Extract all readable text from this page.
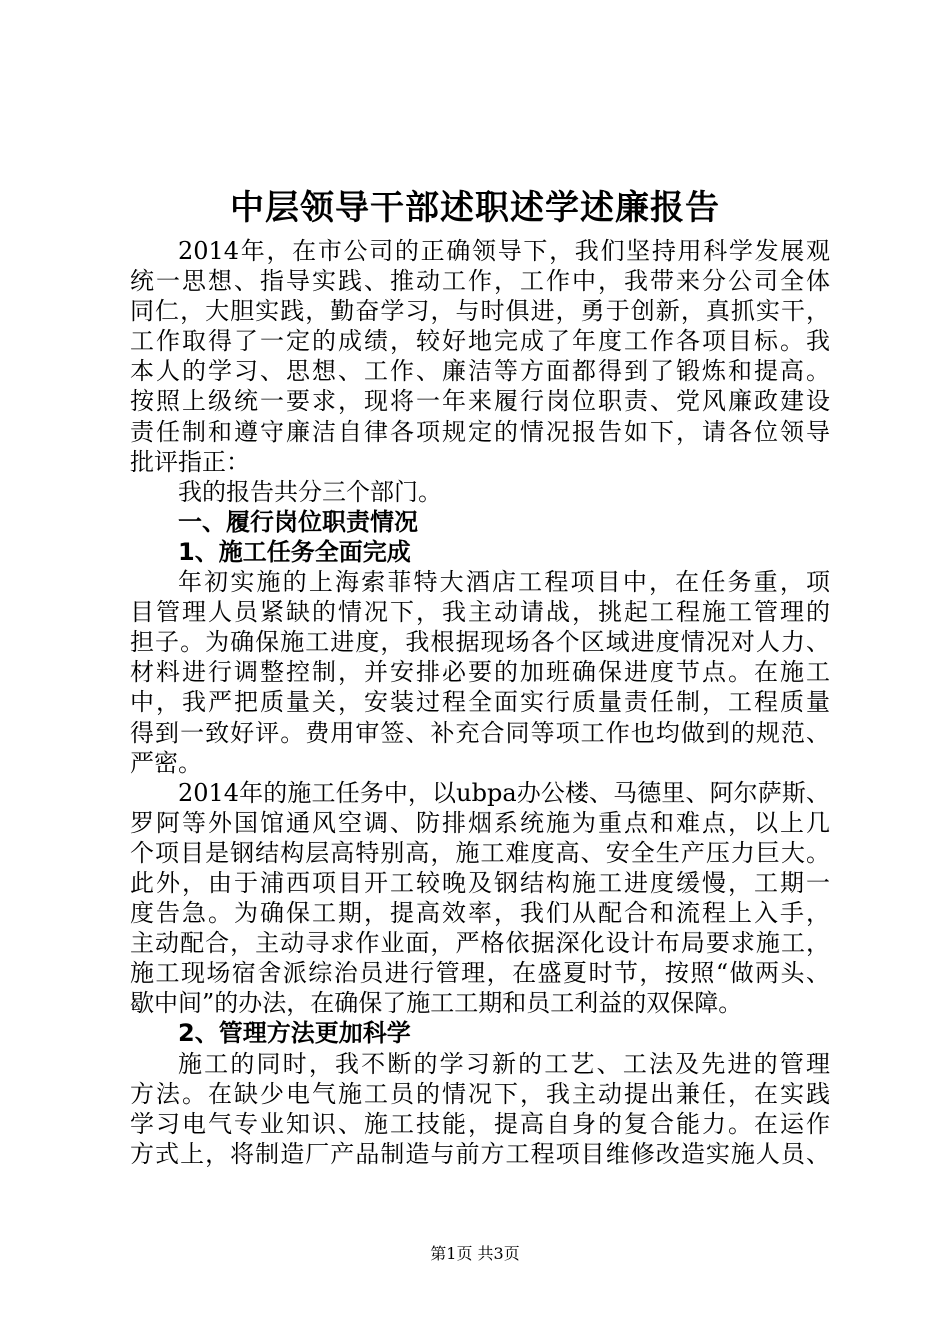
中层领导干部述职述学述廉报告
2014年，在市公司的正确领导下，我们坚持用科学发展观
统一思想、指导实践、推动工作，工作中，我带来分公司全体
同仁，大胆实践，勤奋学习，与时俱进，勇于创新，真抓实干，
工作取得了一定的成绩，较好地完成了年度工作各项目标。我
本人的学习、思想、工作、廉洁等方面都得到了锻炼和提高。
按照上级统一要求，现将一年来履行岗位职责、党风廉政建设
责任制和遵守廉洁自律各项规定的情况报告如下，请各位领导
批评指正：
我的报告共分三个部门。
一、履行岗位职责情况
1、施工任务全面完成
年初实施的上海索菲特大酒店工程项目中，在任务重，项
目管理人员紧缺的情况下，我主动请战，挑起工程施工管理的
担子。为确保施工进度，我根据现场各个区域进度情况对人力、
材料进行调整控制，并安排必要的加班确保进度节点。在施工
中，我严把质量关，安装过程全面实行质量责任制，工程质量
得到一致好评。费用审签、补充合同等项工作也均做到的规范、
严密。
2014年的施工任务中，以ubpa办公楼、马德里、阿尔萨斯、
罗阿等外国馆通风空调、防排烟系统施为重点和难点，以上几
个项目是钢结构层高特别高，施工难度高、安全生产压力巨大。
此外，由于浦西项目开工较晚及钢结构施工进度缓慢，工期一
度告急。为确保工期，提高效率，我们从配合和流程上入手，
主动配合，主动寻求作业面，严格依据深化设计布局要求施工，
施工现场宿舍派综治员进行管理，在盛夏时节，按照“做两头、
歇中间”的办法，在确保了施工工期和员工利益的双保障。
2、管理方法更加科学
施工的同时，我不断的学习新的工艺、工法及先进的管理
方法。在缺少电气施工员的情况下，我主动提出兼任，在实践
学习电气专业知识、施工技能，提高自身的复合能力。在运作
方式上，将制造厂产品制造与前方工程项目维修改造实施人员、
第1页 共3页
